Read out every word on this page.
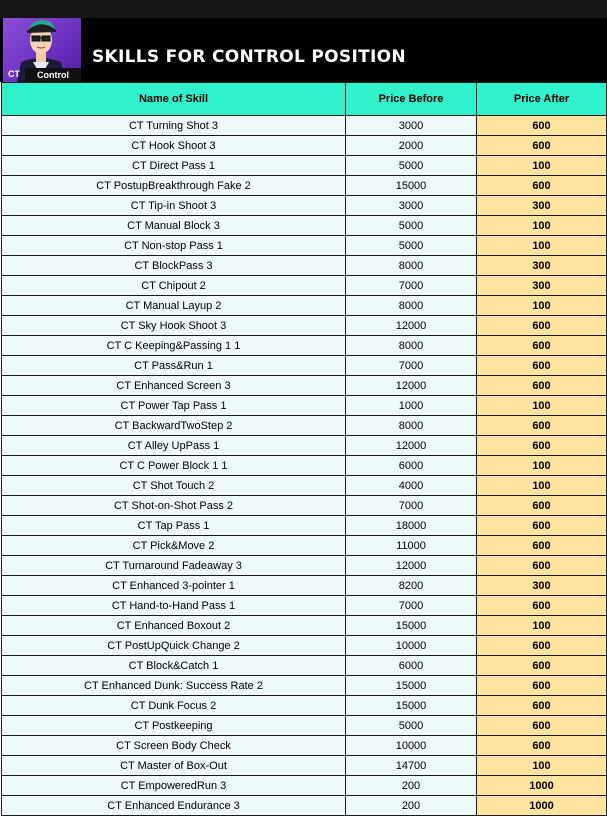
CT	Control
SKILLS FOR CONTROL POSITION
Name of Skill	Price Before	Price After
CT Turning Shot 3	3000	600
CT Hook Shoot 3	2000	600
CT Direct Pass 1	5000	100
CT PostupBreakthrough Fake 2	15000	600
CT Tip-in Shoot 3	3000	300
CT Manual Block 3	5000	100
CT Non-stop Pass 1	5000	100
CT BlockPass 3	8000	300
CT Chipout 2	7000	300
CT Manual Layup 2	8000	100
CT Sky Hook Shoot 3	12000	600
CT C Keeping&Passing 1 1	8000	600
CT Pass&Run 1	7000	600
CT Enhanced Screen 3	12000	600
CT Power Tap Pass 1	1000	100
CT BackwardTwoStep 2	8000	600
CT Alley UpPass 1	12000	600
CT C Power Block 1 1	6000	100
CT Shot Touch 2	4000	100
CT Shot-on-Shot Pass 2	7000	600
CT Tap Pass 1	18000	600
CT Pick&Move 2	11000	600
CT Turnaround Fadeaway 3	12000	600
CT Enhanced 3-pointer 1	8200	300
CT Hand-to-Hand Pass 1	7000	600
CT Enhanced Boxout 2	15000	100
CT PostUpQuick Change 2	10000	600
CT Block&Catch 1	6000	600
CT Enhanced Dunk: Success Rate 2	15000	600
CT Dunk Focus 2	15000	600
CT Postkeeping	5000	600
CT Screen Body Check	10000	600
CT Master of Box-Out	14700	100
CT EmpoweredRun 3	200	1000
CT Enhanced Endurance 3	200	1000
